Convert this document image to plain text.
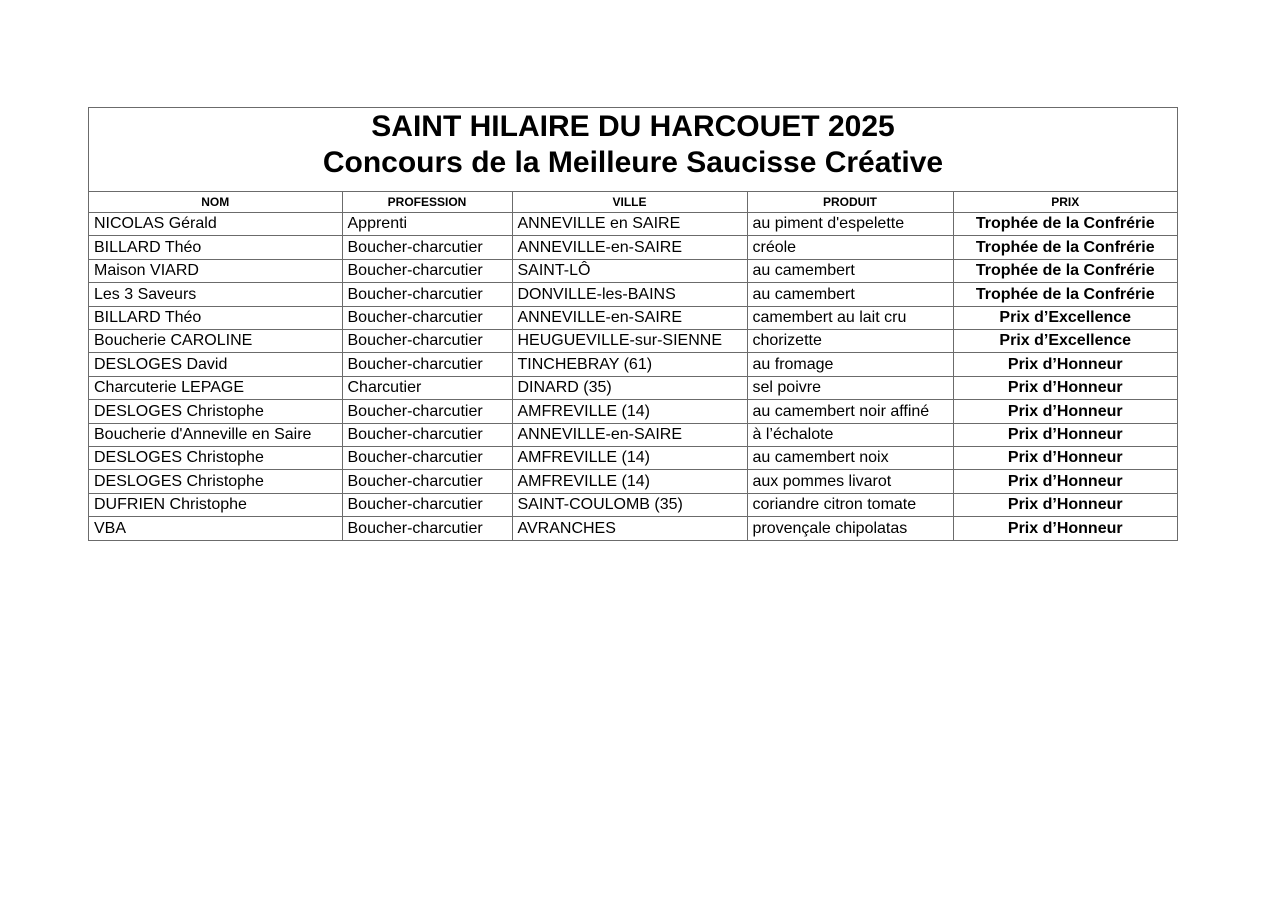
SAINT HILAIRE DU HARCOUET 2025
Concours de la Meilleure Saucisse Créative
NOM	PROFESSION	VILLE	PRODUIT	PRIX
NICOLAS Gérald	Apprenti	ANNEVILLE en SAIRE	au piment d'espelette	Trophée de la Confrérie
BILLARD Théo	Boucher-charcutier	ANNEVILLE-en-SAIRE	créole	Trophée de la Confrérie
Maison VIARD	Boucher-charcutier	SAINT-LÔ	au camembert	Trophée de la Confrérie
Les 3 Saveurs	Boucher-charcutier	DONVILLE-les-BAINS	au camembert	Trophée de la Confrérie
BILLARD Théo	Boucher-charcutier	ANNEVILLE-en-SAIRE	camembert au lait cru	Prix d’Excellence
Boucherie CAROLINE	Boucher-charcutier	HEUGUEVILLE-sur-SIENNE	chorizette	Prix d’Excellence
DESLOGES David	Boucher-charcutier	TINCHEBRAY (61)	au fromage	Prix d’Honneur
Charcuterie LEPAGE	Charcutier	DINARD (35)	sel poivre	Prix d’Honneur
DESLOGES Christophe	Boucher-charcutier	AMFREVILLE (14)	au camembert noir affiné	Prix d’Honneur
Boucherie d'Anneville en Saire	Boucher-charcutier	ANNEVILLE-en-SAIRE	à l’échalote	Prix d’Honneur
DESLOGES Christophe	Boucher-charcutier	AMFREVILLE (14)	au camembert noix	Prix d’Honneur
DESLOGES Christophe	Boucher-charcutier	AMFREVILLE (14)	aux pommes livarot	Prix d’Honneur
DUFRIEN Christophe	Boucher-charcutier	SAINT-COULOMB (35)	coriandre citron tomate	Prix d’Honneur
VBA	Boucher-charcutier	AVRANCHES	provençale chipolatas	Prix d’Honneur
